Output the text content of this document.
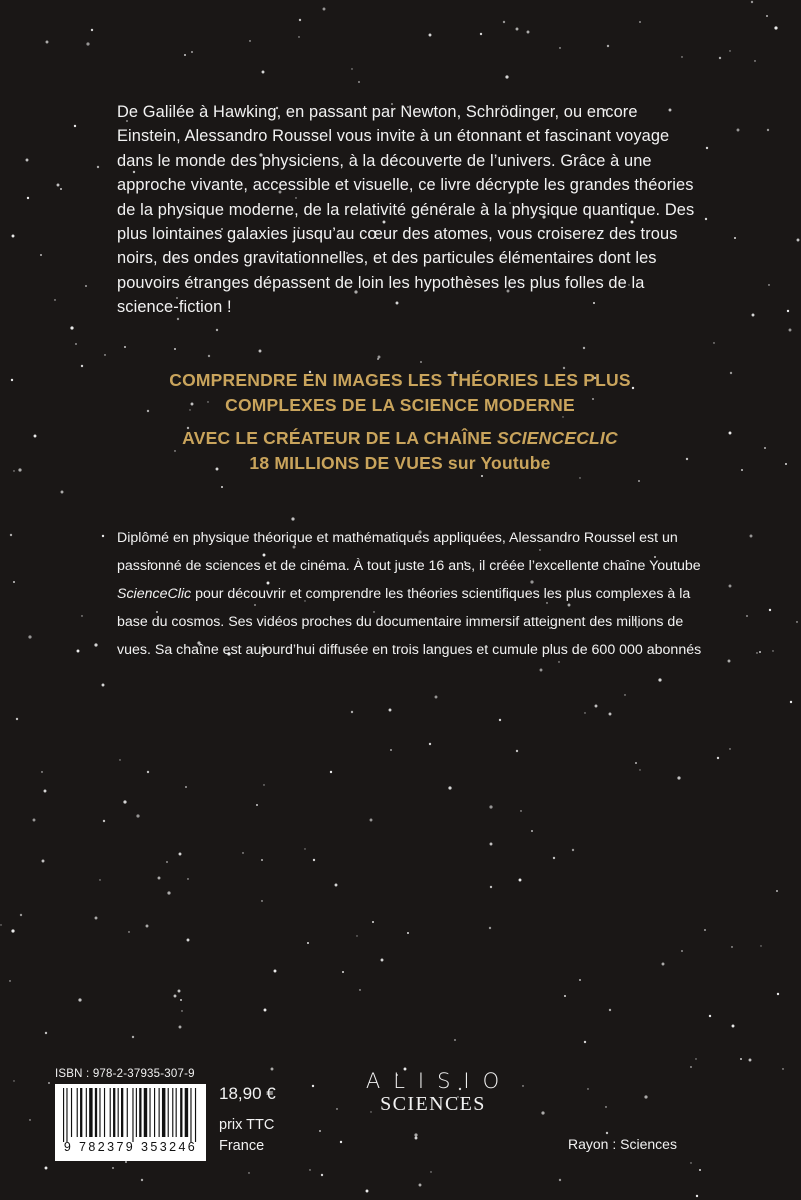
De Galilée à Hawking, en passant par Newton, Schrödinger, ou encore Einstein, Alessandro Roussel vous invite à un étonnant et fascinant voyage dans le monde des physiciens, à la découverte de l’univers. Grâce à une approche vivante, accessible et visuelle, ce livre décrypte les grandes théories de la physique moderne, de la relativité générale à la physique quantique. Des plus lointaines galaxies jusqu’au cœur des atomes, vous croiserez des trous noirs, des ondes gravitationnelles, et des particules élémentaires dont les pouvoirs étranges dépassent de loin les hypothèses les plus folles de la science-fiction !

COMPRENDRE EN IMAGES LES THÉORIES LES PLUS
COMPLEXES DE LA SCIENCE MODERNE
AVEC LE CRÉATEUR DE LA CHAÎNE SCIENCECLIC
18 MILLIONS DE VUES sur Youtube

Diplômé en physique théorique et mathématiques appliquées, Alessandro Roussel est un passionné de sciences et de cinéma. À tout juste 16 ans, il créée l’excellente chaîne Youtube ScienceClic pour découvrir et comprendre les théories scientifiques les plus complexes à la base du cosmos. Ses vidéos proches du documentaire immersif atteignent des millions de vues. Sa chaîne est aujourd’hui diffusée en trois langues et cumule plus de 600 000 abonnés

ISBN : 978-2-37935-307-9
9 782379 353246
18,90 €
prix TTC
France
ALISIO
SCIENCES
Rayon : Sciences
